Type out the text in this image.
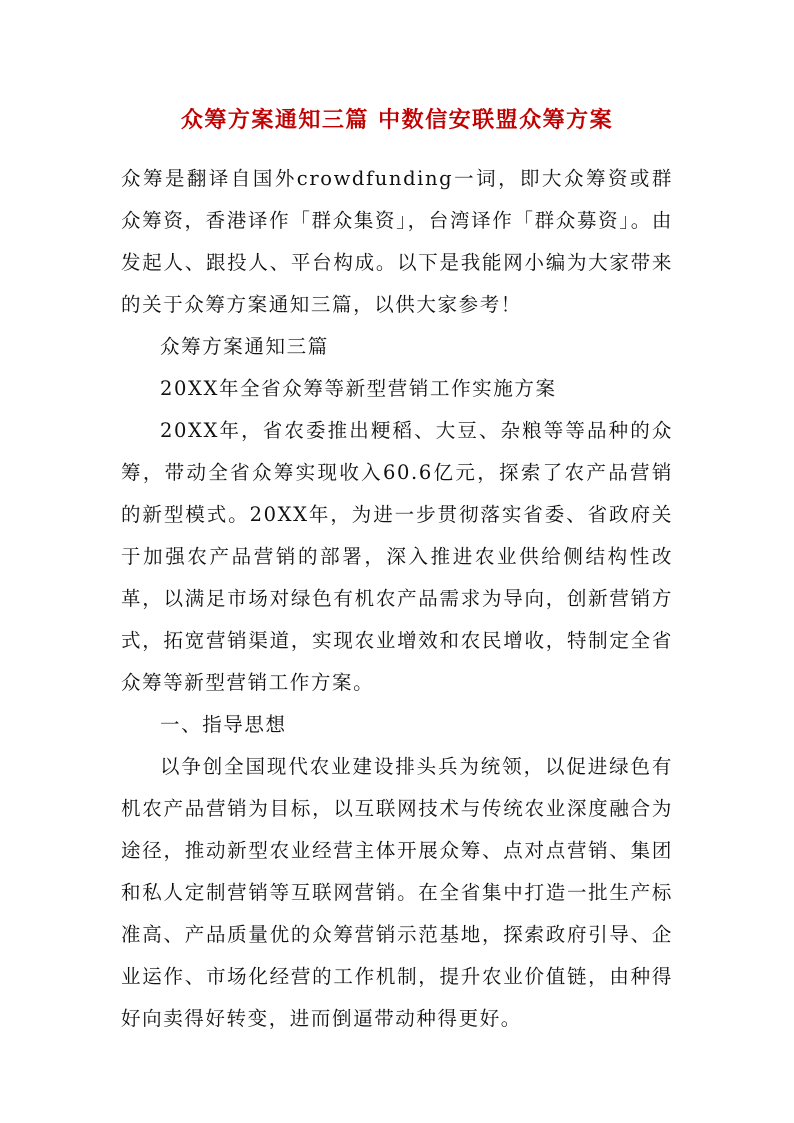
众筹方案通知三篇 中数信安联盟众筹方案

众筹是翻译自国外crowdfunding一词，即大众筹资或群众筹资，香港译作「群众集资」，台湾译作「群众募资」。由发起人、跟投人、平台构成。以下是我能网小编为大家带来的关于众筹方案通知三篇，以供大家参考！

众筹方案通知三篇

20XX年全省众筹等新型营销工作实施方案

20XX年，省农委推出粳稻、大豆、杂粮等等品种的众筹，带动全省众筹实现收入60.6亿元，探索了农产品营销的新型模式。20XX年，为进一步贯彻落实省委、省政府关于加强农产品营销的部署，深入推进农业供给侧结构性改革，以满足市场对绿色有机农产品需求为导向，创新营销方式，拓宽营销渠道，实现农业增效和农民增收，特制定全省众筹等新型营销工作方案。

一、指导思想

以争创全国现代农业建设排头兵为统领，以促进绿色有机农产品营销为目标，以互联网技术与传统农业深度融合为途径，推动新型农业经营主体开展众筹、点对点营销、集团和私人定制营销等互联网营销。在全省集中打造一批生产标准高、产品质量优的众筹营销示范基地，探索政府引导、企业运作、市场化经营的工作机制，提升农业价值链，由种得好向卖得好转变，进而倒逼带动种得更好。
